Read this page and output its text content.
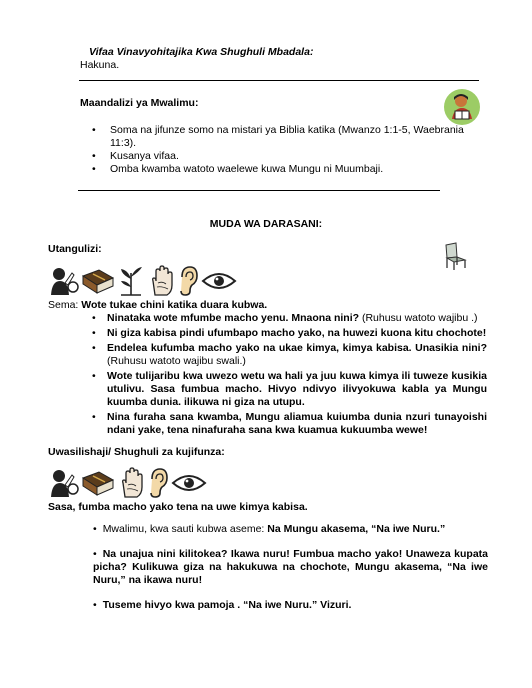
Vifaa Vinavyohitajika Kwa Shughuli Mbadala:
Hakuna.
Maandalizi ya Mwalimu:
• Soma na jifunze somo na mistari ya Biblia katika (Mwanzo 1:1-5, Waebrania 11:3).
• Kusanya vifaa.
• Omba kwamba watoto waelewe kuwa Mungu ni Muumbaji.
MUDA WA DARASANI:
Utangulizi:
Sema: Wote tukae chini katika duara kubwa.
• Ninataka wote mfumbe macho yenu. Mnaona nini? (Ruhusu watoto wajibu .)
• Ni giza kabisa pindi ufumbapo macho yako, na huwezi kuona kitu chochote!
• Endelea kufumba macho yako na ukae kimya, kimya kabisa. Unasikia nini? (Ruhusu watoto wajibu swali.)
• Wote tulijaribu kwa uwezo wetu wa hali ya juu kuwa kimya ili tuweze kusikia utulivu. Sasa fumbua macho. Hivyo ndivyo ilivyokuwa kabla ya Mungu kuumba dunia. ilikuwa ni giza na utupu.
• Nina furaha sana kwamba, Mungu aliamua kuiumba dunia nzuri tunayoishi ndani yake, tena ninafuraha sana kwa kuamua kukuumba wewe!
Uwasilishaji/ Shughuli za kujifunza:
Sasa, fumba macho yako tena na uwe kimya kabisa.
• Mwalimu, kwa sauti kubwa aseme: Na Mungu akasema, “Na iwe Nuru.”
• Na unajua nini kilitokea? Ikawa nuru! Fumbua macho yako! Unaweza kupata picha? Kulikuwa giza na hakukuwa na chochote, Mungu akasema, “Na iwe Nuru,” na ikawa nuru!
• Tuseme hivyo kwa pamoja . “Na iwe Nuru.” Vizuri.
